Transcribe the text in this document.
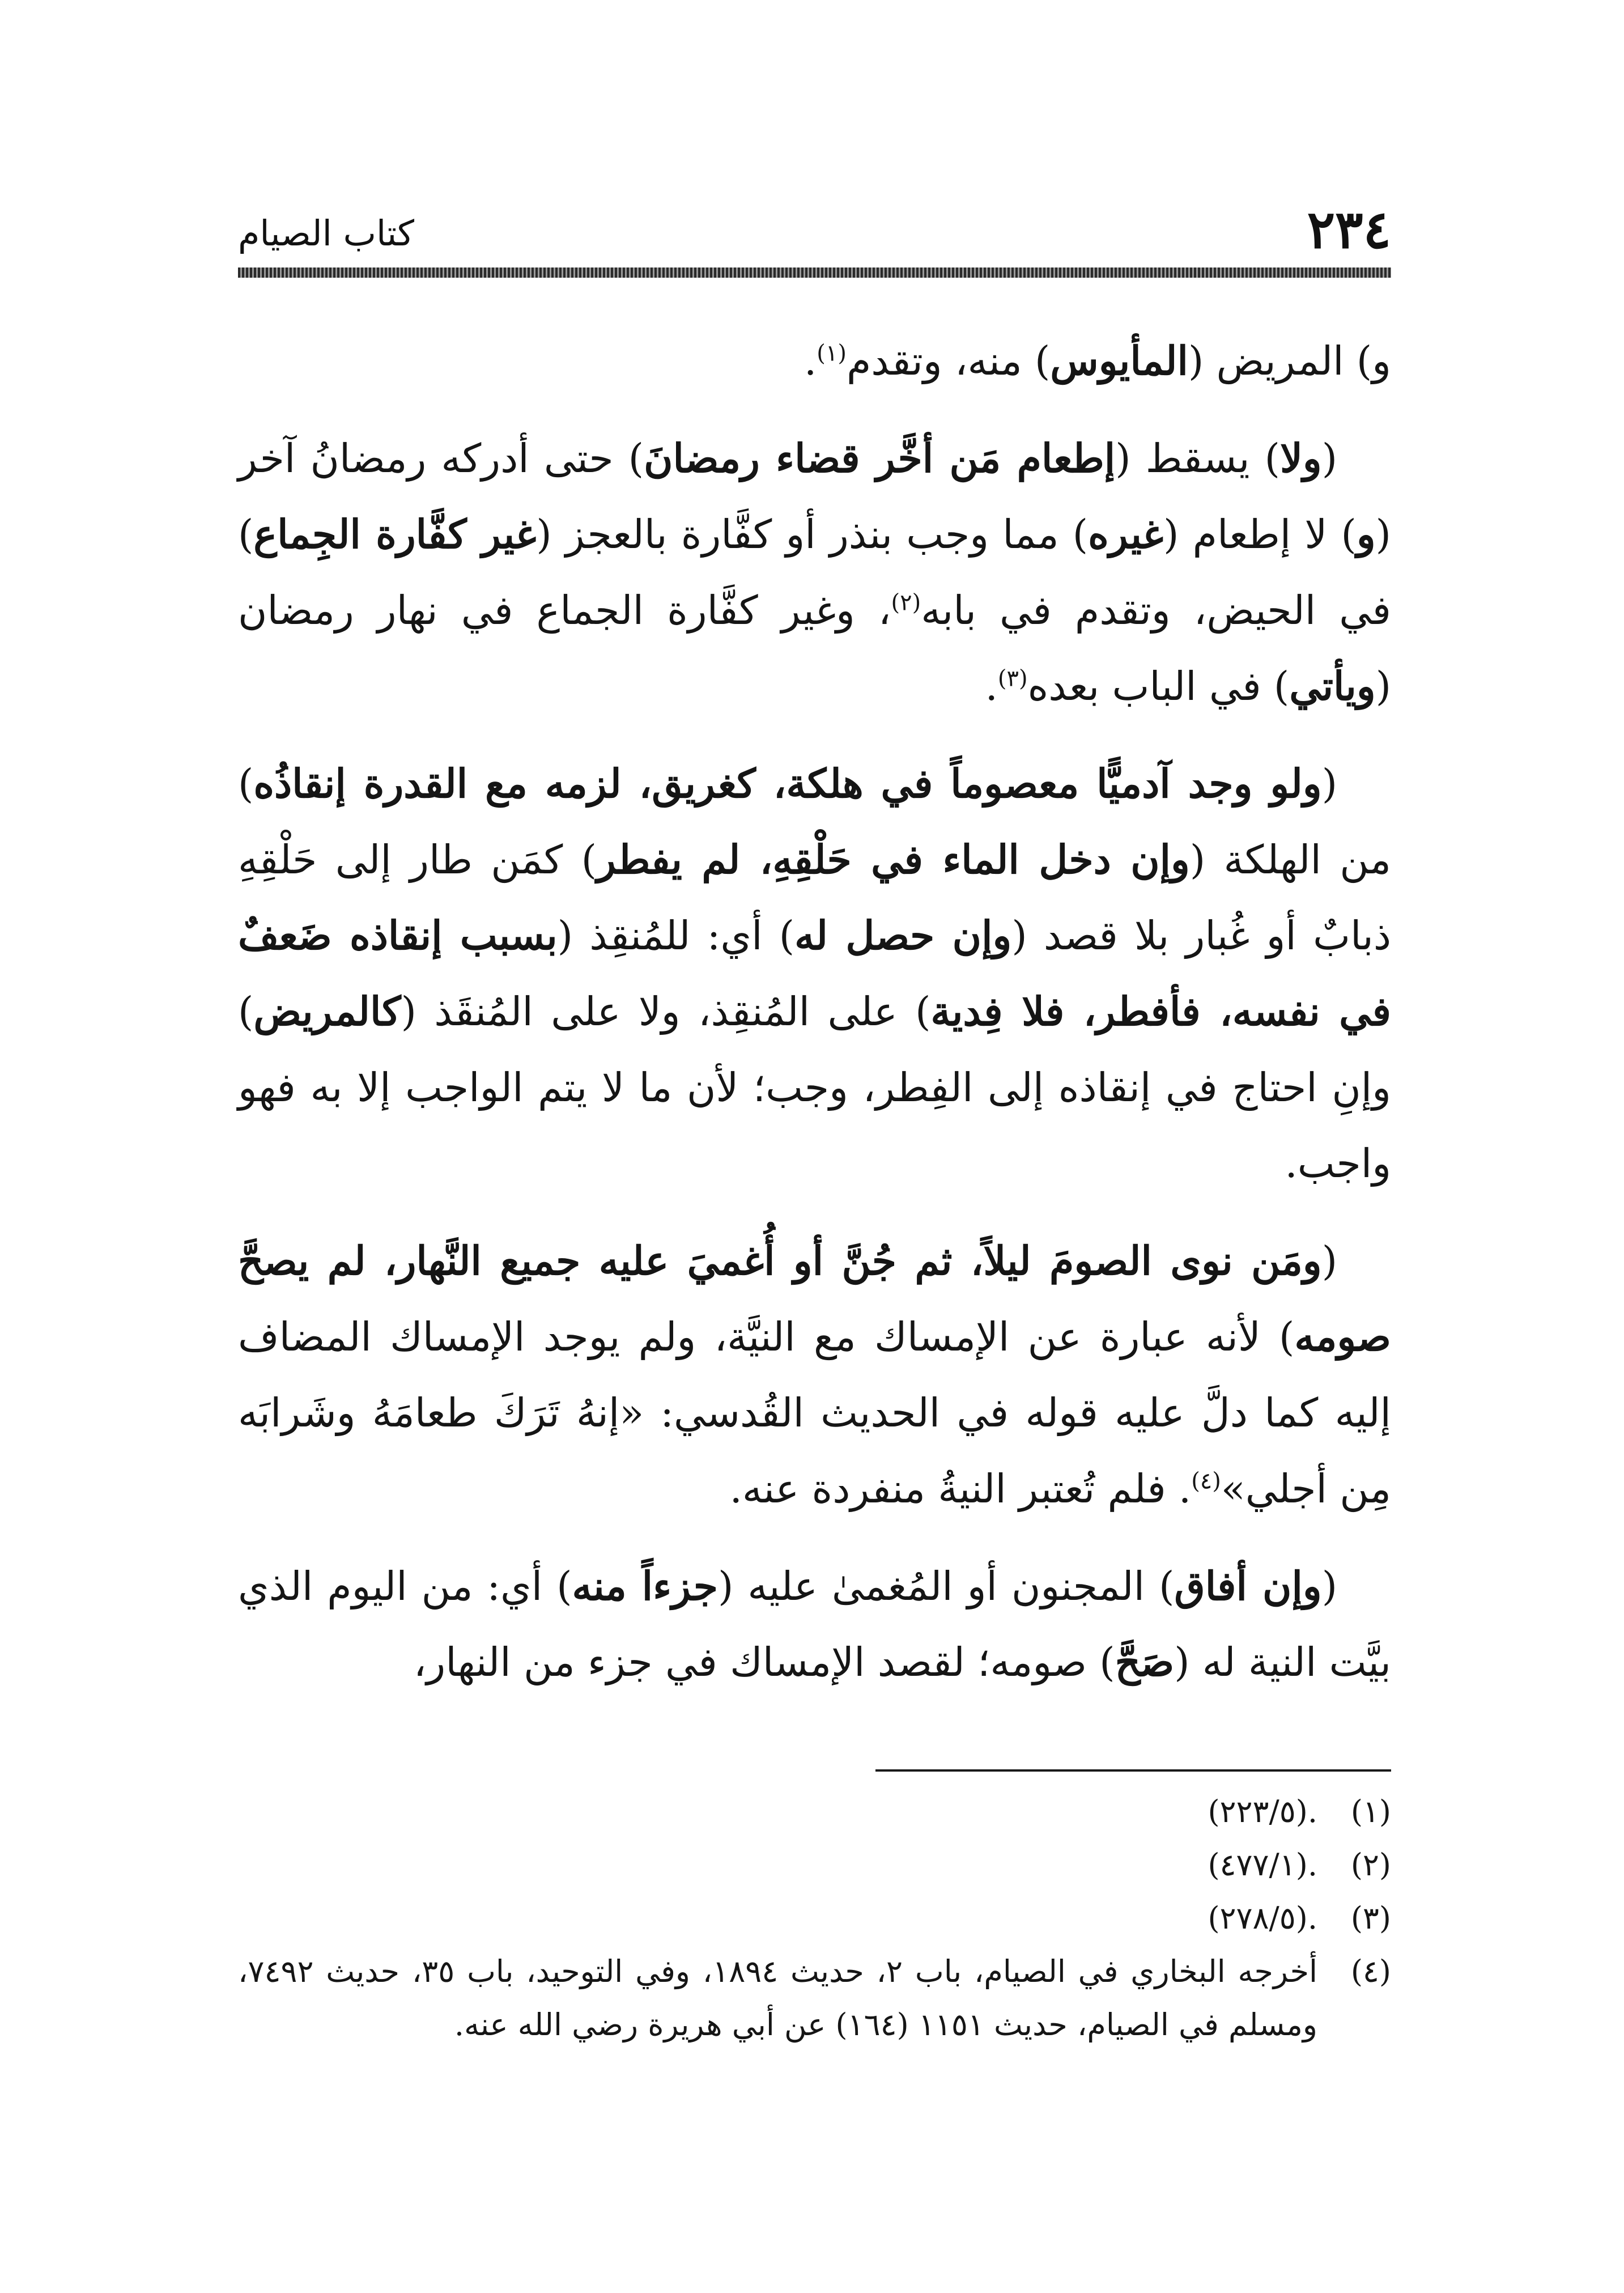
٢٣٤
كتاب الصيام

و) المريض (المأيوس) منه، وتقدم$^{(١)}$.

(ولا) يسقط (إطعام مَن أخَّر قضاء رمضانَ) حتى أدركه رمضانُ آخر (و) لا إطعام (غيره) مما وجب بنذر أو كفَّارة بالعجز (غير كفَّارة الجِماع) في الحيض، وتقدم في بابه$^{(٢)}$، وغير كفَّارة الجماع في نهار رمضان (ويأتي) في الباب بعده$^{(٣)}$.

(ولو وجد آدميًّا معصوماً في هلكة، كغريق، لزمه مع القدرة إنقاذُه) من الهلكة (وإن دخل الماء في حَلْقِهِ، لم يفطر) كمَن طار إلى حَلْقِهِ ذبابٌ أو غُبار بلا قصد (وإن حصل له) أي: للمُنقِذ (بسبب إنقاذه ضَعفٌ في نفسه، فأفطر، فلا فِدية) على المُنقِذ، ولا على المُنقَذ (كالمريض) وإنِ احتاج في إنقاذه إلى الفِطر، وجب؛ لأن ما لا يتم الواجب إلا به فهو واجب.

(ومَن نوى الصومَ ليلاً، ثم جُنَّ أو أُغميَ عليه جميع النَّهار، لم يصحَّ صومه) لأنه عبارة عن الإمساك مع النيَّة، ولم يوجد الإمساك المضاف إليه كما دلَّ عليه قوله في الحديث القُدسي: «إنهُ تَرَكَ طعامَهُ وشَرابَه مِن أجلي»$^{(٤)}$. فلم تُعتبر النيةُ منفردة عنه.

(وإن أفاق) المجنون أو المُغمىٰ عليه (جزءاً منه) أي: من اليوم الذي بيَّت النية له (صَحَّ) صومه؛ لقصد الإمساك في جزء من النهار،

(١)
.(٢٢٣/٥)
(٢)
.(٤٧٧/١)
(٣)
.(٢٧٨/٥)
(٤)
أخرجه البخاري في الصيام، باب ٢، حديث ١٨٩٤، وفي التوحيد، باب ٣٥، حديث ٧٤٩٢، ومسلم في الصيام، حديث ١١٥١ (١٦٤) عن أبي هريرة رضي الله عنه.
